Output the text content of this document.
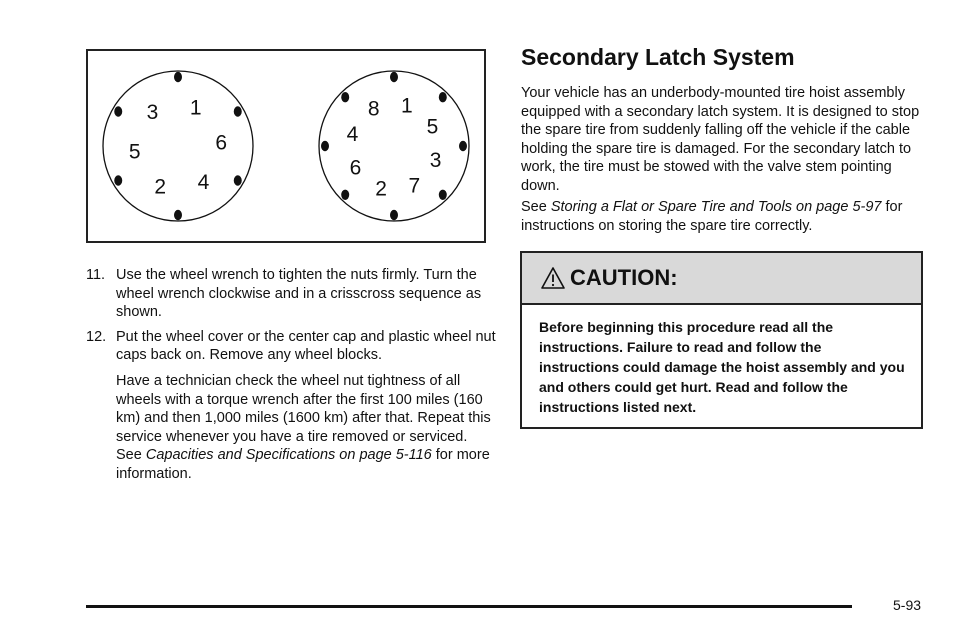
1
6
4
2
5
3	1
5
3
7
2
6
4
8
11. Use the wheel wrench to tighten the nuts firmly. Turn the wheel wrench clockwise and in a crisscross sequence as shown.
12. Put the wheel cover or the center cap and plastic wheel nut caps back on. Remove any wheel blocks.
Have a technician check the wheel nut tightness of all wheels with a torque wrench after the first 100 miles (160 km) and then 1,000 miles (1600 km) after that. Repeat this service whenever you have a tire removed or serviced. See Capacities and Specifications on page 5-116 for more information.
Secondary Latch System
Your vehicle has an underbody-mounted tire hoist assembly equipped with a secondary latch system. It is designed to stop the spare tire from suddenly falling off the vehicle if the cable holding the spare tire is damaged. For the secondary latch to work, the tire must be stowed with the valve stem pointing down.
See Storing a Flat or Spare Tire and Tools on page 5-97 for instructions on storing the spare tire correctly.
CAUTION:
Before beginning this procedure read all the instructions. Failure to read and follow the instructions could damage the hoist assembly and you and others could get hurt. Read and follow the instructions listed next.
5-93
